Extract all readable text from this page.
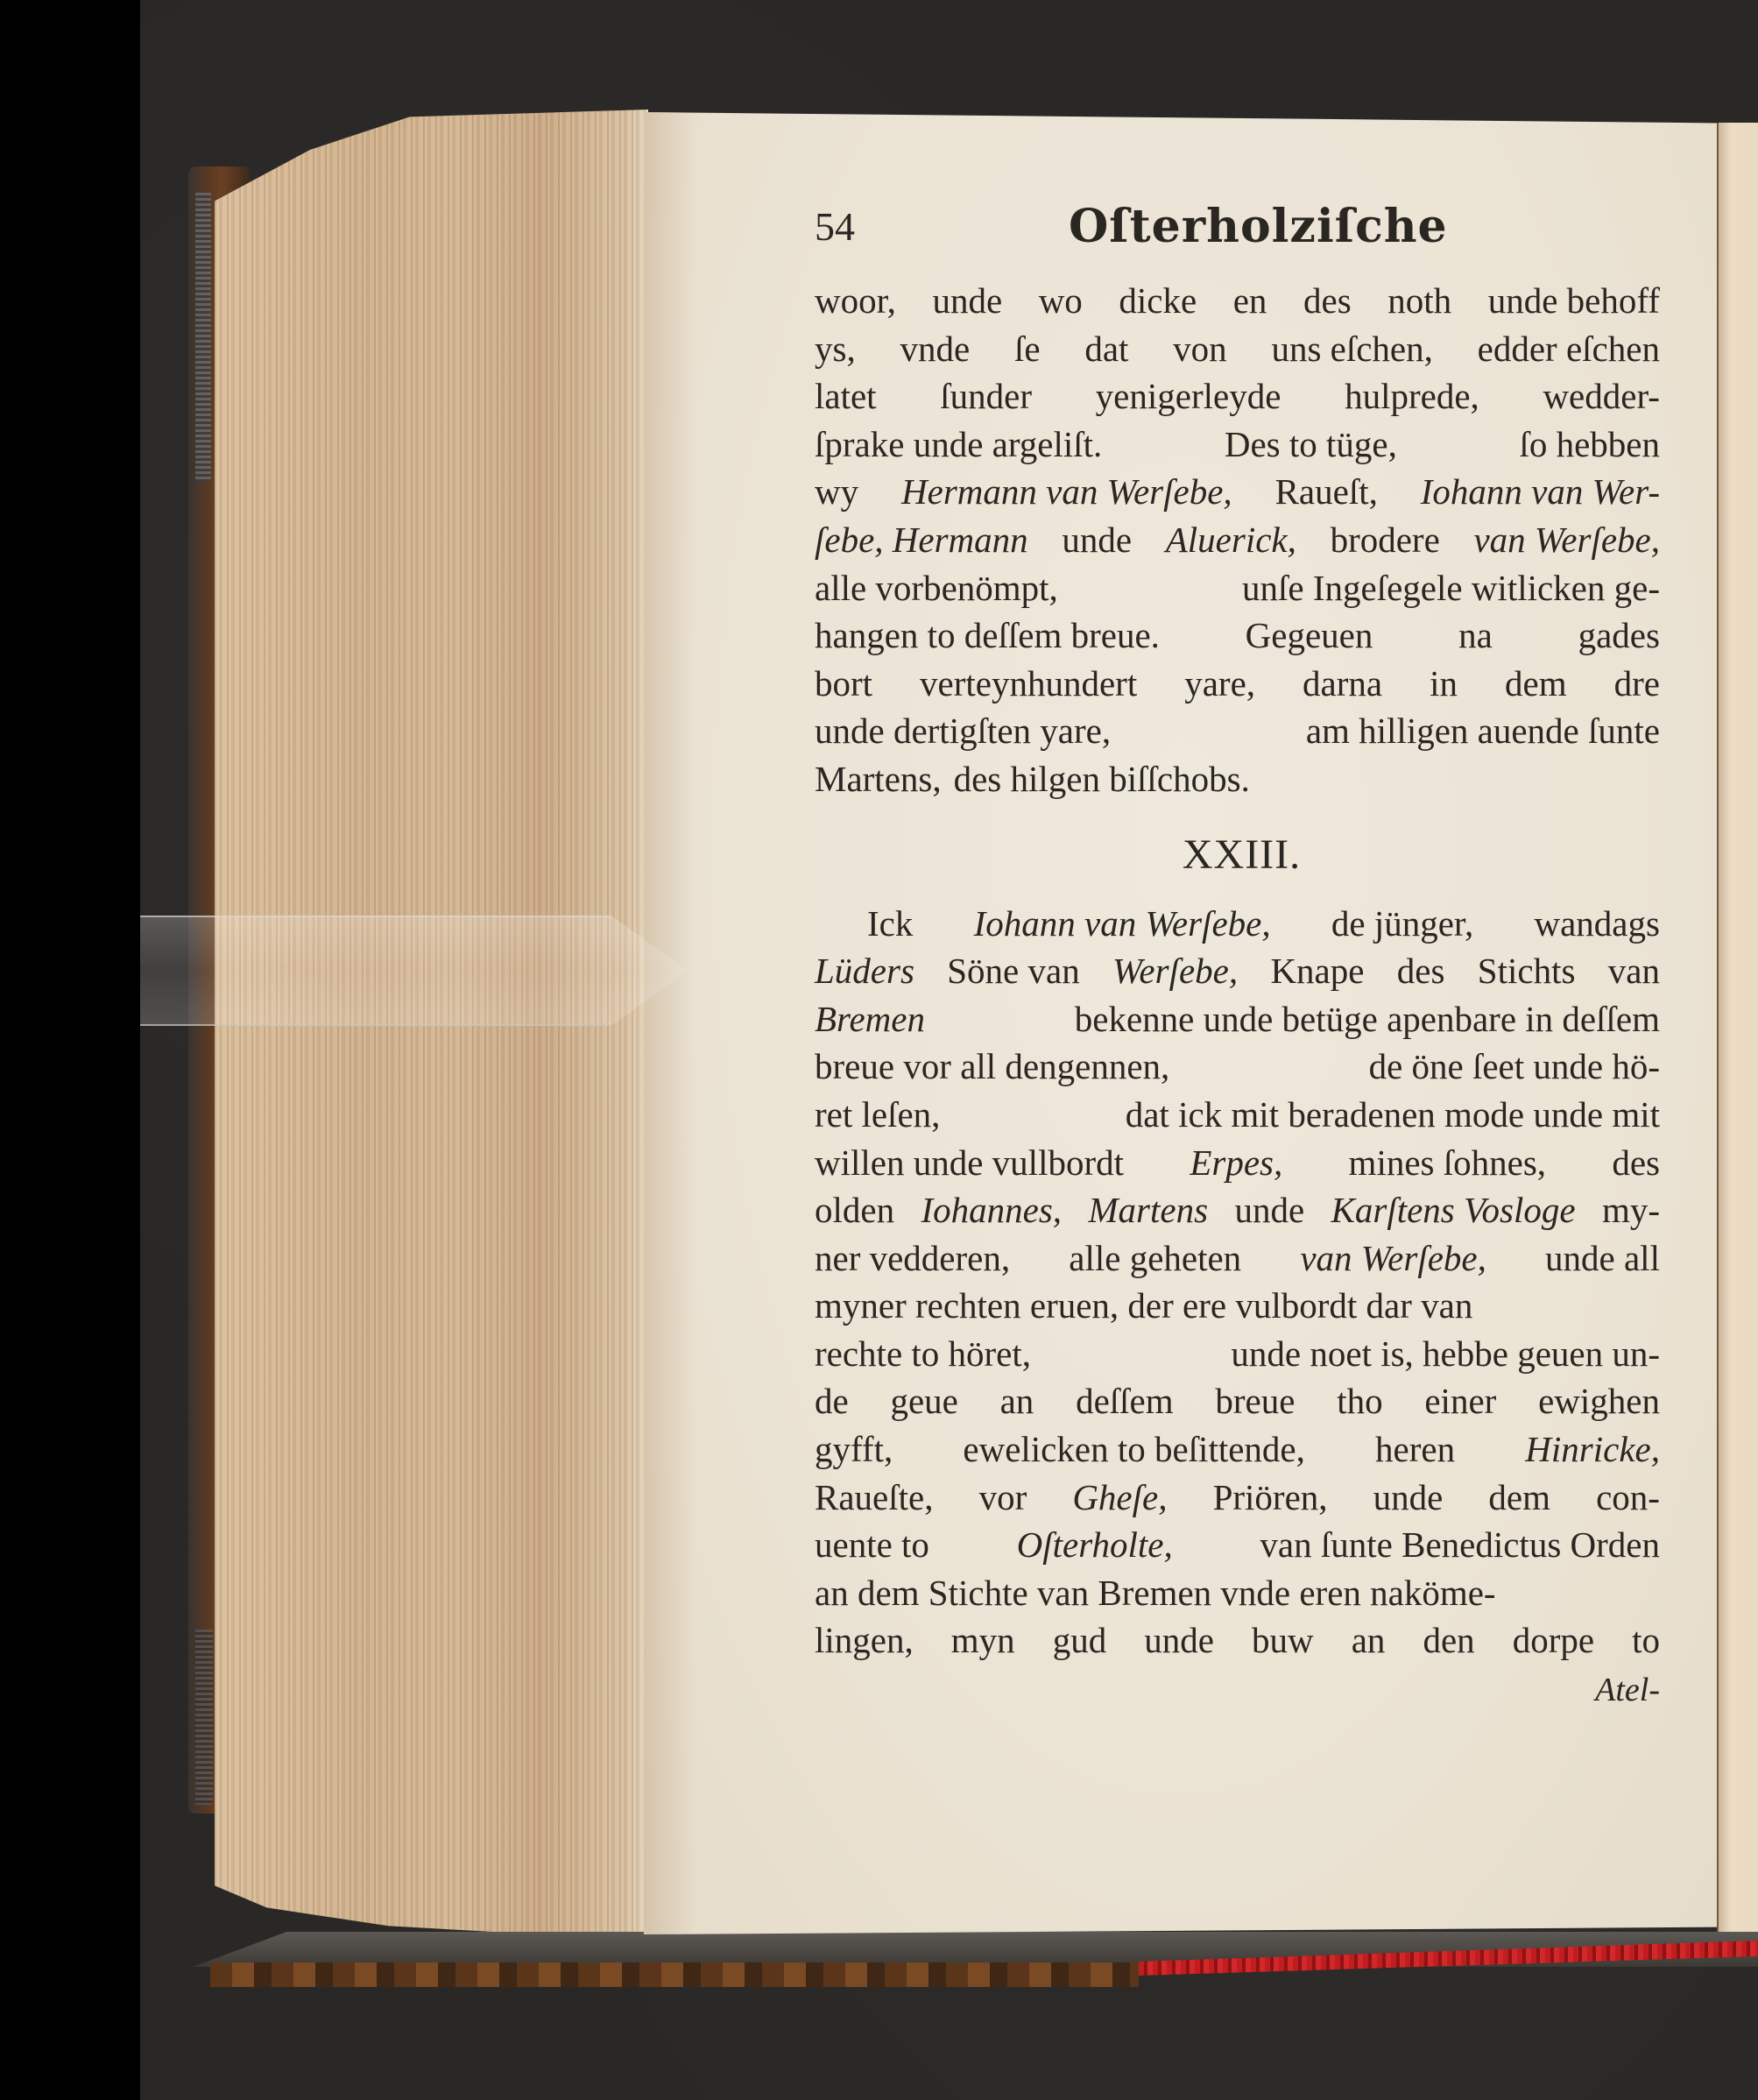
54	Oſterholziſche
woor, unde wo dicke en des noth unde behoff
ys, vnde ſe dat von uns eſchen, edder eſchen
latet ſunder yenigerleyde hulprede, wedder-
ſprake unde argeliſt.	Des to tüge,	ſo hebben
wy Hermann van Werſebe, Raueſt, Iohann van Wer-
ſebe, Hermann unde Aluerick, brodere van Werſebe,
alle vorbenömpt,	unſe Ingeſegele witlicken ge-
hangen to deſſem breue. Gegeuen na gades
bort verteynhundert yare, darna in dem dre
unde dertigſten yare,	am hilligen auende ſunte
Martens, des hilgen biſſchobs.
XXIII.
Ick Iohann van Werſebe, de jünger, wandags
Lüders Söne van Werſebe, Knape des Stichts van
Bremen	bekenne unde betüge apenbare in deſſem
breue vor all dengennen,	de öne ſeet unde hö-
ret leſen,	dat ick mit beradenen mode unde mit
willen unde vullbordt Erpes, mines ſohnes, des
olden Iohannes, Martens unde Karſtens Vosloge my-
ner vedderen, alle geheten van Werſebe, unde all
myner rechten eruen, der ere vulbordt dar van
rechte to höret,	unde noet is, hebbe geuen un-
de geue an deſſem breue tho einer ewighen
gyfft, ewelicken to beſittende, heren Hinricke,
Raueſte, vor Gheſe, Priören, unde dem con-
uente to Oſterholte, van ſunte Benedictus Orden
an dem Stichte van Bremen vnde eren naköme-
lingen, myn gud unde buw an den dorpe to
Atel-
